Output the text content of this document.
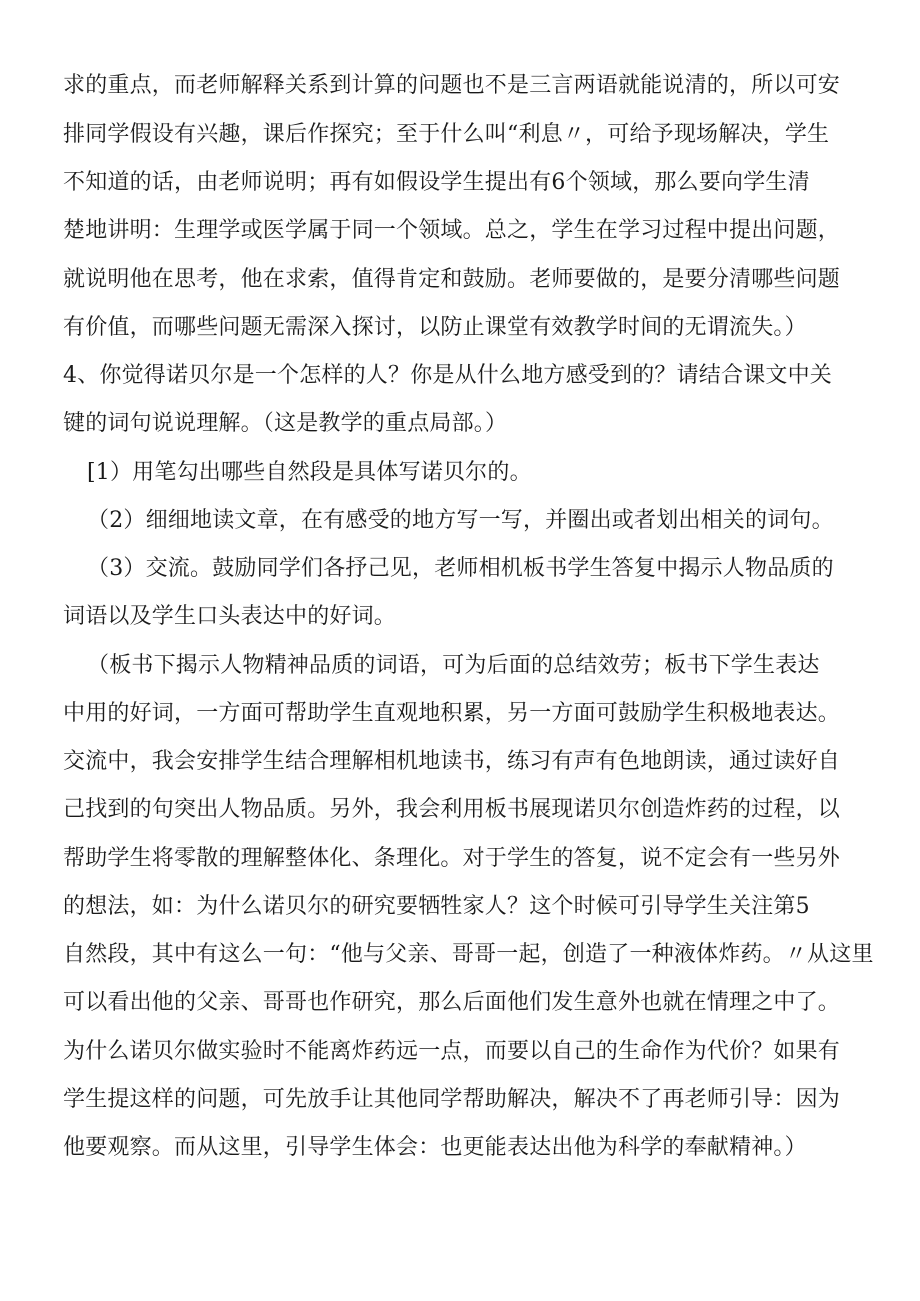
求的重点，而老师解释关系到计算的问题也不是三言两语就能说清的，所以可安
排同学假设有兴趣，课后作探究；至于什么叫“利息〃，可给予现场解决，学生
不知道的话，由老师说明；再有如假设学生提出有6个领域，那么要向学生清
楚地讲明：生理学或医学属于同一个领域。总之，学生在学习过程中提出问题，
就说明他在思考，他在求索，值得肯定和鼓励。老师要做的，是要分清哪些问题
有价值，而哪些问题无需深入探讨，以防止课堂有效教学时间的无谓流失。）
4、你觉得诺贝尔是一个怎样的人？你是从什么地方感受到的？请结合课文中关
键的词句说说理解。（这是教学的重点局部。）
[1）用笔勾出哪些自然段是具体写诺贝尔的。
（2）细细地读文章，在有感受的地方写一写，并圈出或者划出相关的词句。
（3）交流。鼓励同学们各抒己见，老师相机板书学生答复中揭示人物品质的
词语以及学生口头表达中的好词。
（板书下揭示人物精神品质的词语，可为后面的总结效劳；板书下学生表达
中用的好词，一方面可帮助学生直观地积累，另一方面可鼓励学生积极地表达。
交流中，我会安排学生结合理解相机地读书，练习有声有色地朗读，通过读好自
己找到的句突出人物品质。另外，我会利用板书展现诺贝尔创造炸药的过程，以
帮助学生将零散的理解整体化、条理化。对于学生的答复，说不定会有一些另外
的想法，如：为什么诺贝尔的研究要牺牲家人？这个时候可引导学生关注第5
自然段，其中有这么一句：“他与父亲、哥哥一起，创造了一种液体炸药。〃从这里
可以看出他的父亲、哥哥也作研究，那么后面他们发生意外也就在情理之中了。
为什么诺贝尔做实验时不能离炸药远一点，而要以自己的生命作为代价？如果有
学生提这样的问题，可先放手让其他同学帮助解决，解决不了再老师引导：因为
他要观察。而从这里，引导学生体会：也更能表达出他为科学的奉献精神。）
